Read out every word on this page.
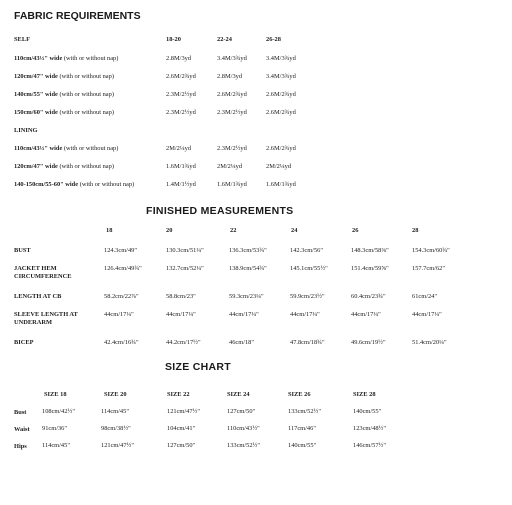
FABRIC REQUIREMENTS
SELF	18-20	22-24	26-28
110cm/43½" wide (with or without nap)	2.8M/3yd	3.4M/3¾yd	3.4M/3¾yd
120cm/47" wide (with or without nap)	2.6M/2¾yd	2.8M/3yd	3.4M/3¾yd
140cm/55" wide (with or without nap)	2.3M/2½yd	2.6M/2¾yd	2.6M/2¾yd
150cm/60" wide (with or without nap)	2.3M/2½yd	2.3M/2½yd	2.6M/2¾yd
LINING
110cm/43½" wide (with or without nap)	2M/2¼yd	2.3M/2½yd	2.6M/2¾yd
120cm/47" wide (with or without nap)	1.6M/1¾yd	2M/2¼yd	2M/2¼yd
140-150cm/55-60" wide (with or without nap)	1.4M/1½yd	1.6M/1¾yd	1.6M/1¾yd
FINISHED MEASUREMENTS
18	20	22	24	26	28
BUST	124.3cm/49"	130.3cm/51¼"	136.3cm/53¾"	142.3cm/56"	148.3cm/58⅜"	154.3cm/60¾"
JACKET HEM
CIRCUMFERENCE
126.4cm/49¾"	132.7cm/52¼"	138.9cm/54¾"	145.1cm/55½"	151.4cm/59⅝"	157.7cm/62"
LENGTH AT CB	58.2cm/22⅞"	58.8cm/23"	59.3cm/23¼"	59.9cm/23½"	60.4cm/23¾"	61cm/24"
SLEEVE LENGTH AT
UNDERARM
44cm/17¼"	44cm/17¼"	44cm/17¼"	44cm/17¼"	44cm/17¼"	44cm/17¼"
BICEP	42.4cm/16¾"	44.2cm/17½"	46cm/18"	47.8cm/18¾"	49.6cm/19½"	51.4cm/20¼"
SIZE CHART
SIZE 18	SIZE 20	SIZE 22	SIZE 24	SIZE 26	SIZE 28
Bust 108cm/42½"	114cm/45"	121cm/47½"	127cm/50"	133cm/52½"	140cm/55"
Waist 91cm/36"	98cm/38½"	104cm/41"	110cm/43½"	117cm/46"	123cm/48½"
Hips 114cm/45"	121cm/47½"	127cm/50"	133cm/52½"	140cm/55"	146cm/57½"
